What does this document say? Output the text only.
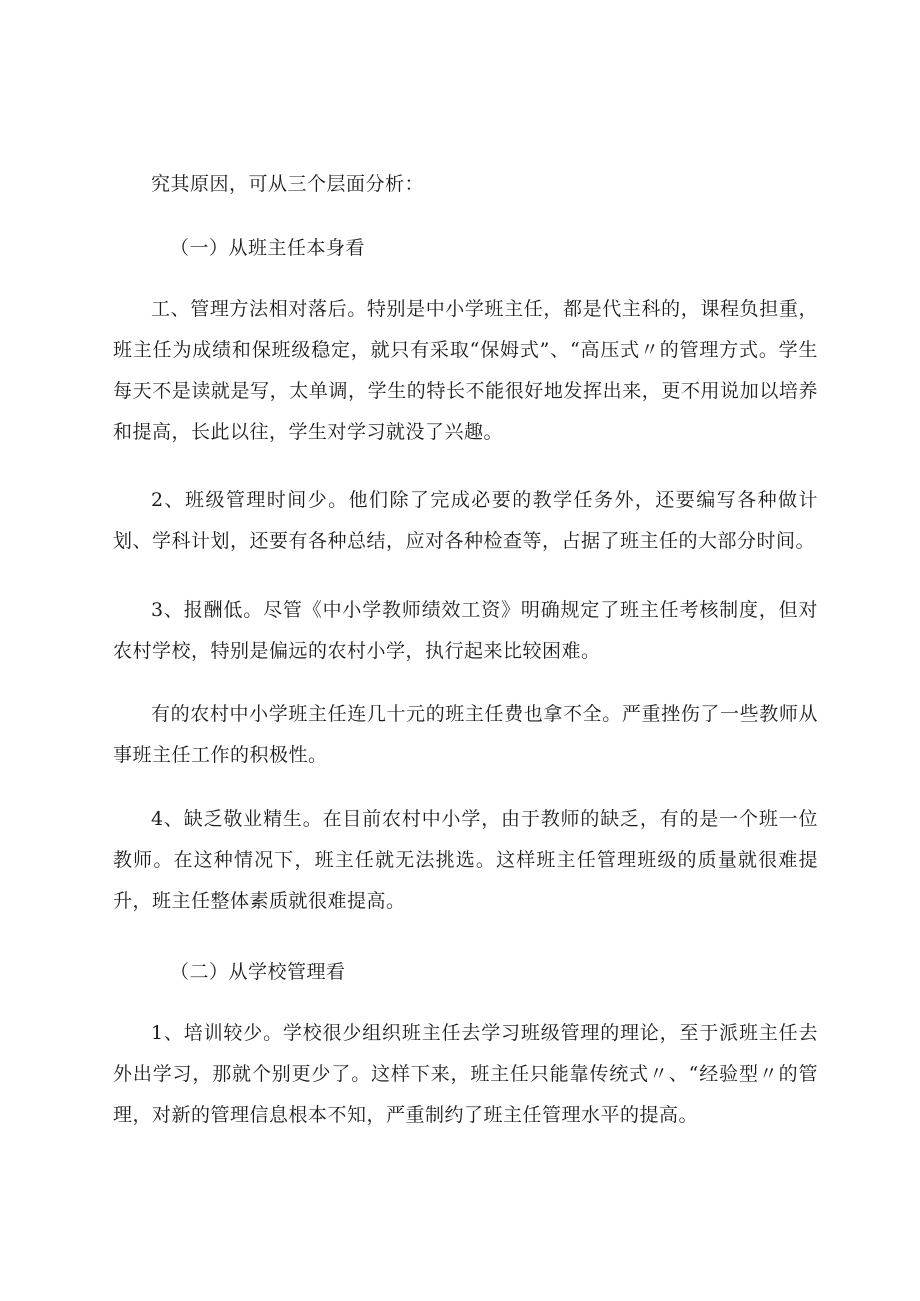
究其原因，可从三个层面分析：

（一）从班主任本身看

工、管理方法相对落后。特别是中小学班主任，都是代主科的，课程负担重，班主任为成绩和保班级稳定，就只有采取“保姆式”、“高压式〃的管理方式。学生每天不是读就是写，太单调，学生的特长不能很好地发挥出来，更不用说加以培养和提高，长此以往，学生对学习就没了兴趣。

2、班级管理时间少。他们除了完成必要的教学任务外，还要编写各种做计划、学科计划，还要有各种总结，应对各种检查等，占据了班主任的大部分时间。

3、报酬低。尽管《中小学教师绩效工资》明确规定了班主任考核制度，但对农村学校，特别是偏远的农村小学，执行起来比较困难。

有的农村中小学班主任连几十元的班主任费也拿不全。严重挫伤了一些教师从事班主任工作的积极性。

4、缺乏敬业精生。在目前农村中小学，由于教师的缺乏，有的是一个班一位教师。在这种情况下，班主任就无法挑选。这样班主任管理班级的质量就很难提升，班主任整体素质就很难提高。

（二）从学校管理看

1、培训较少。学校很少组织班主任去学习班级管理的理论，至于派班主任去外出学习，那就个别更少了。这样下来，班主任只能靠传统式〃、“经验型〃的管理，对新的管理信息根本不知，严重制约了班主任管理水平的提高。
